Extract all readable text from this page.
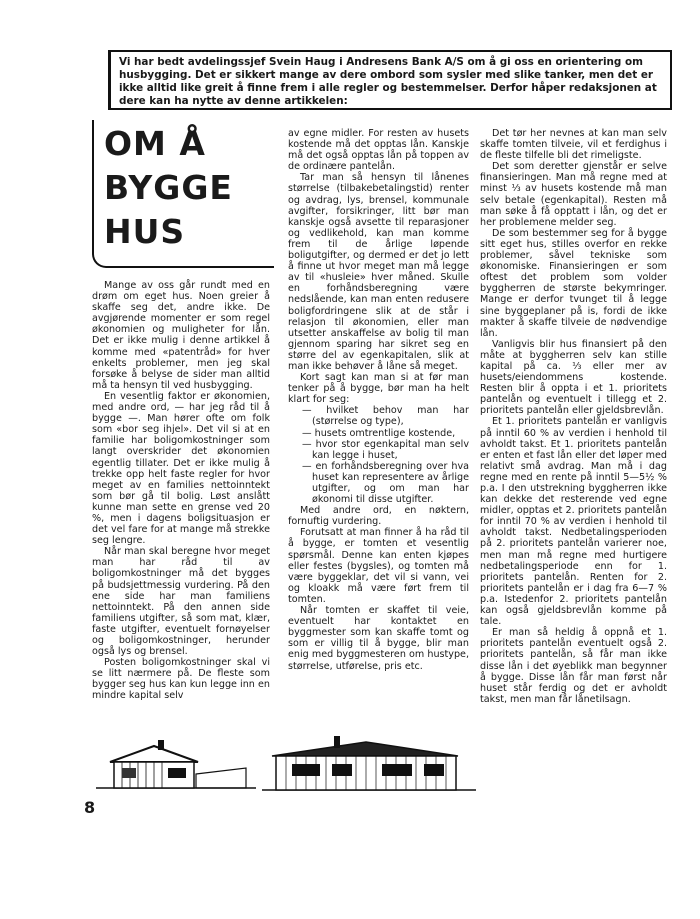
Vi har bedt avdelingssjef Svein Haug i Andresens Bank A/S om å gi oss en orientering om husbygging. Det er sikkert mange av dere ombord som sysler med slike tanker, men det er ikke alltid like greit å finne frem i alle regler og bestemmelser. Derfor håper redaksjonen at dere kan ha nytte av denne artikkelen:

OM Å
BYGGE
HUS

Mange av oss går rundt med en drøm om eget hus. Noen greier å skaffe seg det, andre ikke. De avgjørende momenter er som regel økonomien og muligheter for lån. Det er ikke mulig i denne artikkel å komme med «patentråd» for hver enkelts problemer, men jeg skal forsøke å belyse de sider man alltid må ta hensyn til ved husbygging.

En vesentlig faktor er økonomien, med andre ord, — har jeg råd til å bygge —. Man hører ofte om folk som «bor seg ihjel». Det vil si at en familie har boligomkostninger som langt overskrider det økonomien egentlig tillater. Det er ikke mulig å trekke opp helt faste regler for hvor meget av en families nettoinntekt som bør gå til bolig. Løst anslått kunne man sette en grense ved 20 %, men i dagens boligsituasjon er det vel fare for at mange må strekke seg lengre.

Når man skal beregne hvor meget man har råd til av boligomkostninger må det bygges på budsjettmessig vurdering. På den ene side har man familiens nettoinntekt. På den annen side familiens utgifter, så som mat, klær, faste utgifter, eventuelt fornøyelser og boligomkostninger, herunder også lys og brensel.

Posten boligomkostninger skal vi se litt nærmere på. De fleste som bygger seg hus kan kun legge inn en mindre kapital selv

av egne midler. For resten av husets kostende må det opptas lån. Kanskje må det også opptas lån på toppen av de ordinære pantelån.

Tar man så hensyn til lånenes størrelse (tilbakebetalingstid) renter og avdrag, lys, brensel, kommunale avgifter, forsikringer, litt bør man kanskje også avsette til reparasjoner og vedlikehold, kan man komme frem til de årlige løpende boligutgifter, og dermed er det jo lett å finne ut hvor meget man må legge av til «husleie» hver måned. Skulle en forhåndsberegning være nedslående, kan man enten redusere boligfordringene slik at de står i relasjon til økonomien, eller man utsetter anskaffelse av bolig til man gjennom sparing har sikret seg en større del av egenkapitalen, slik at man ikke behøver å låne så meget.

Kort sagt kan man si at før man tenker på å bygge, bør man ha helt klart for seg:

— hvilket behov man har (størrelse og type),
— husets omtrentlige kostende,
— hvor stor egenkapital man selv kan legge i huset,
— en forhåndsberegning over hva huset kan representere av årlige utgifter, og om man har økonomi til disse utgifter.

Med andre ord, en nøktern, fornuftig vurdering.

Forutsatt at man finner å ha råd til å bygge, er tomten et vesentlig spørsmål. Denne kan enten kjøpes eller festes (bygsles), og tomten må være byggeklar, det vil si vann, vei og kloakk må være ført frem til tomten.

Når tomten er skaffet til veie, eventuelt har kontaktet en byggmester som kan skaffe tomt og som er villig til å bygge, blir man enig med byggmesteren om hustype, størrelse, utførelse, pris etc.

Det tør her nevnes at kan man selv skaffe tomten tilveie, vil et ferdighus i de fleste tilfelle bli det rimeligste.

Det som deretter gjenstår er selve finansieringen. Man må regne med at minst ⅓ av husets kostende må man selv betale (egenkapital). Resten må man søke å få opptatt i lån, og det er her problemene melder seg.

De som bestemmer seg for å bygge sitt eget hus, stilles overfor en rekke problemer, såvel tekniske som økonomiske. Finansieringen er som oftest det problem som volder byggherren de største bekymringer. Mange er derfor tvunget til å legge sine byggeplaner på is, fordi de ikke makter å skaffe tilveie de nødvendige lån.

Vanligvis blir hus finansiert på den måte at byggherren selv kan stille kapital på ca. ⅓ eller mer av husets/eiendommens kostende. Resten blir å oppta i et 1. prioritets pantelån og eventuelt i tillegg et 2. prioritets pantelån eller gjeldsbrevlån.

Et 1. prioritets pantelån er vanligvis på inntil 60 % av verdien i henhold til avholdt takst. Et 1. prioritets pantelån er enten et fast lån eller det løper med relativt små avdrag. Man må i dag regne med en rente på inntil 5—5½ % p.a. I den utstrekning byggherren ikke kan dekke det resterende ved egne midler, opptas et 2. prioritets pantelån for inntil 70 % av verdien i henhold til avholdt takst. Nedbetalingsperioden på 2. prioritets pantelån varierer noe, men man må regne med hurtigere nedbetalingsperiode enn for 1. prioritets pantelån. Renten for 2. prioritets pantelån er i dag fra 6—7 % p.a. Istedenfor 2. prioritets pantelån kan også gjeldsbrevlån komme på tale.

Er man så heldig å oppnå et 1. prioritets pantelån eventuelt også 2. prioritets pantelån, så får man ikke disse lån i det øyeblikk man begynner å bygge. Disse lån får man først når huset står ferdig og det er avholdt takst, men man får lånetilsagn.

8
